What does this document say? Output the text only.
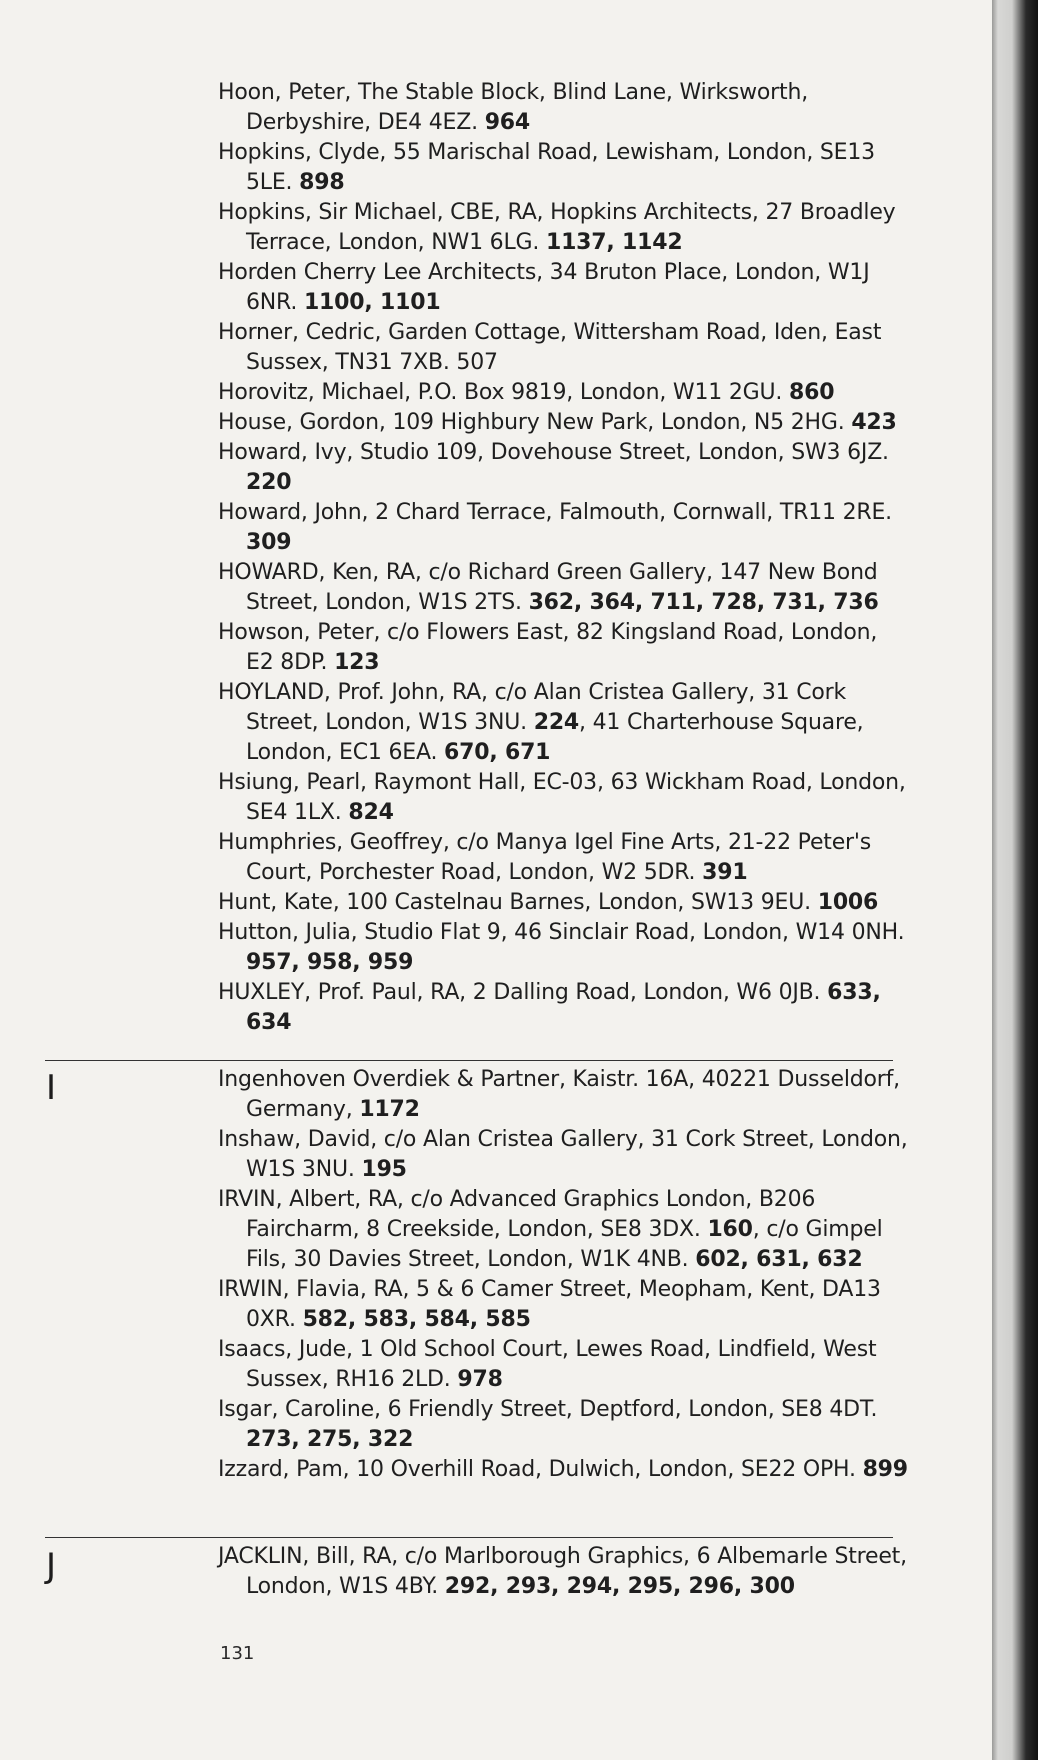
Hoon, Peter, The Stable Block, Blind Lane, Wirksworth, Derbyshire, DE4 4EZ. 964

Hopkins, Clyde, 55 Marischal Road, Lewisham, London, SE13 5LE. 898

Hopkins, Sir Michael, CBE, RA, Hopkins Architects, 27 Broadley Terrace, London, NW1 6LG. 1137, 1142

Horden Cherry Lee Architects, 34 Bruton Place, London, W1J 6NR. 1100, 1101

Horner, Cedric, Garden Cottage, Wittersham Road, Iden, East Sussex, TN31 7XB. 507

Horovitz, Michael, P.O. Box 9819, London, W11 2GU. 860

House, Gordon, 109 Highbury New Park, London, N5 2HG. 423

Howard, Ivy, Studio 109, Dovehouse Street, London, SW3 6JZ. 220

Howard, John, 2 Chard Terrace, Falmouth, Cornwall, TR11 2RE. 309

HOWARD, Ken, RA, c/o Richard Green Gallery, 147 New Bond Street, London, W1S 2TS. 362, 364, 711, 728, 731, 736

Howson, Peter, c/o Flowers East, 82 Kingsland Road, London, E2 8DP. 123

HOYLAND, Prof. John, RA, c/o Alan Cristea Gallery, 31 Cork Street, London, W1S 3NU. 224, 41 Charterhouse Square, London, EC1 6EA. 670, 671

Hsiung, Pearl, Raymont Hall, EC-03, 63 Wickham Road, London, SE4 1LX. 824

Humphries, Geoffrey, c/o Manya Igel Fine Arts, 21-22 Peter's Court, Porchester Road, London, W2 5DR. 391

Hunt, Kate, 100 Castelnau Barnes, London, SW13 9EU. 1006

Hutton, Julia, Studio Flat 9, 46 Sinclair Road, London, W14 0NH. 957, 958, 959

HUXLEY, Prof. Paul, RA, 2 Dalling Road, London, W6 0JB. 633, 634

I	Ingenhoven Overdiek & Partner, Kaistr. 16A, 40221 Dusseldorf, Germany, 1172

Inshaw, David, c/o Alan Cristea Gallery, 31 Cork Street, London, W1S 3NU. 195

IRVIN, Albert, RA, c/o Advanced Graphics London, B206 Faircharm, 8 Creekside, London, SE8 3DX. 160, c/o Gimpel Fils, 30 Davies Street, London, W1K 4NB. 602, 631, 632

IRWIN, Flavia, RA, 5 & 6 Camer Street, Meopham, Kent, DA13 0XR. 582, 583, 584, 585

Isaacs, Jude, 1 Old School Court, Lewes Road, Lindfield, West Sussex, RH16 2LD. 978

Isgar, Caroline, 6 Friendly Street, Deptford, London, SE8 4DT. 273, 275, 322

Izzard, Pam, 10 Overhill Road, Dulwich, London, SE22 OPH. 899

J	JACKLIN, Bill, RA, c/o Marlborough Graphics, 6 Albemarle Street, London, W1S 4BY. 292, 293, 294, 295, 296, 300

131
